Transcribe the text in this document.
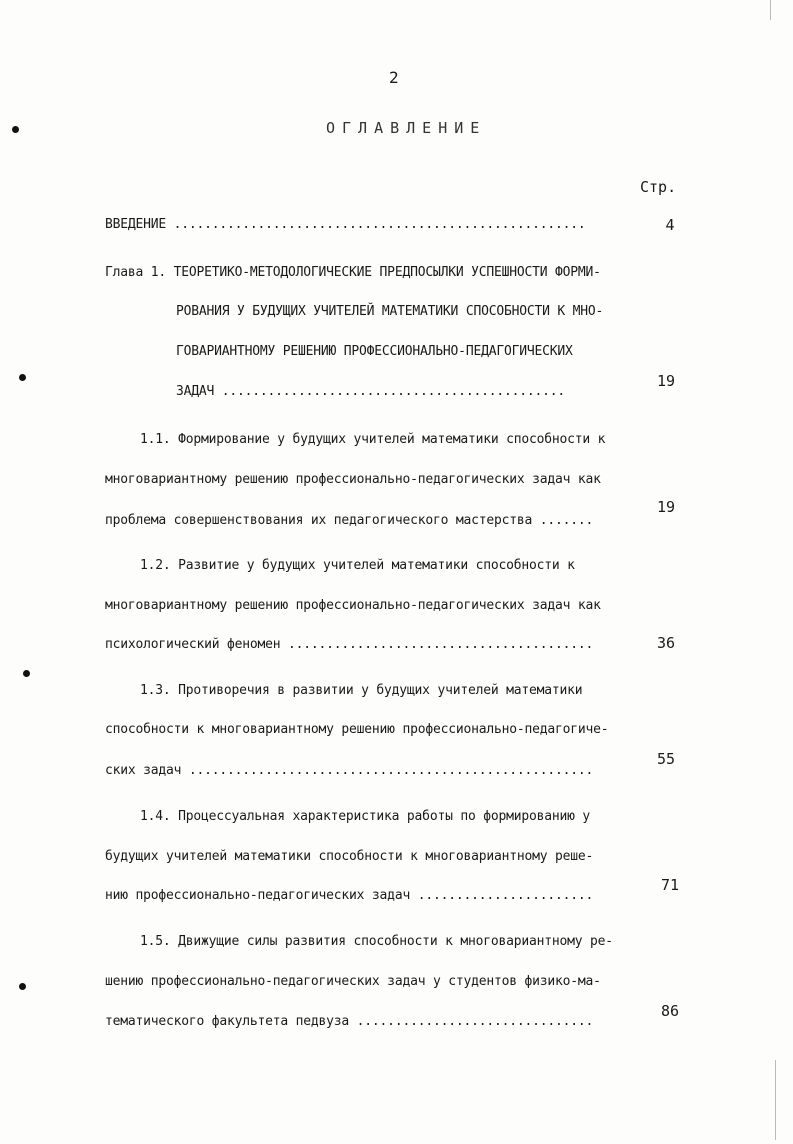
2
ОГЛАВЛЕНИЕ
Стр.
ВВЕДЕНИЕ ......................................................	4
Глава 1. ТЕОРЕТИКО-МЕТОДОЛОГИЧЕСКИЕ ПРЕДПОСЫЛКИ УСПЕШНОСТИ ФОРМИ-
РОВАНИЯ У БУДУЩИХ УЧИТЕЛЕЙ МАТЕМАТИКИ СПОСОБНОСТИ К МНО-
ГОВАРИАНТНОМУ РЕШЕНИЮ ПРОФЕССИОНАЛЬНО-ПЕДАГОГИЧЕСКИХ
ЗАДАЧ .............................................
19
1.1. Формирование у будущих учителей математики способности к
многовариантному решению профессионально-педагогических задач как
проблема совершенствования их педагогического мастерства .......
19
1.2. Развитие у будущих учителей математики способности к
многовариантному решению профессионально-педагогических задач как
психологический феномен ........................................	36
1.3. Противоречия в развитии у будущих учителей математики
способности к многовариантному решению профессионально-педагогиче-
ских задач .....................................................
55
1.4. Процессуальная характеристика работы по формированию у
будущих учителей математики способности к многовариантному реше-
нию профессионально-педагогических задач .......................
71
1.5. Движущие силы развития способности к многовариантному ре-
шению профессионально-педагогических задач у студентов физико-ма-
тематического факультета педвуза ...............................
86
